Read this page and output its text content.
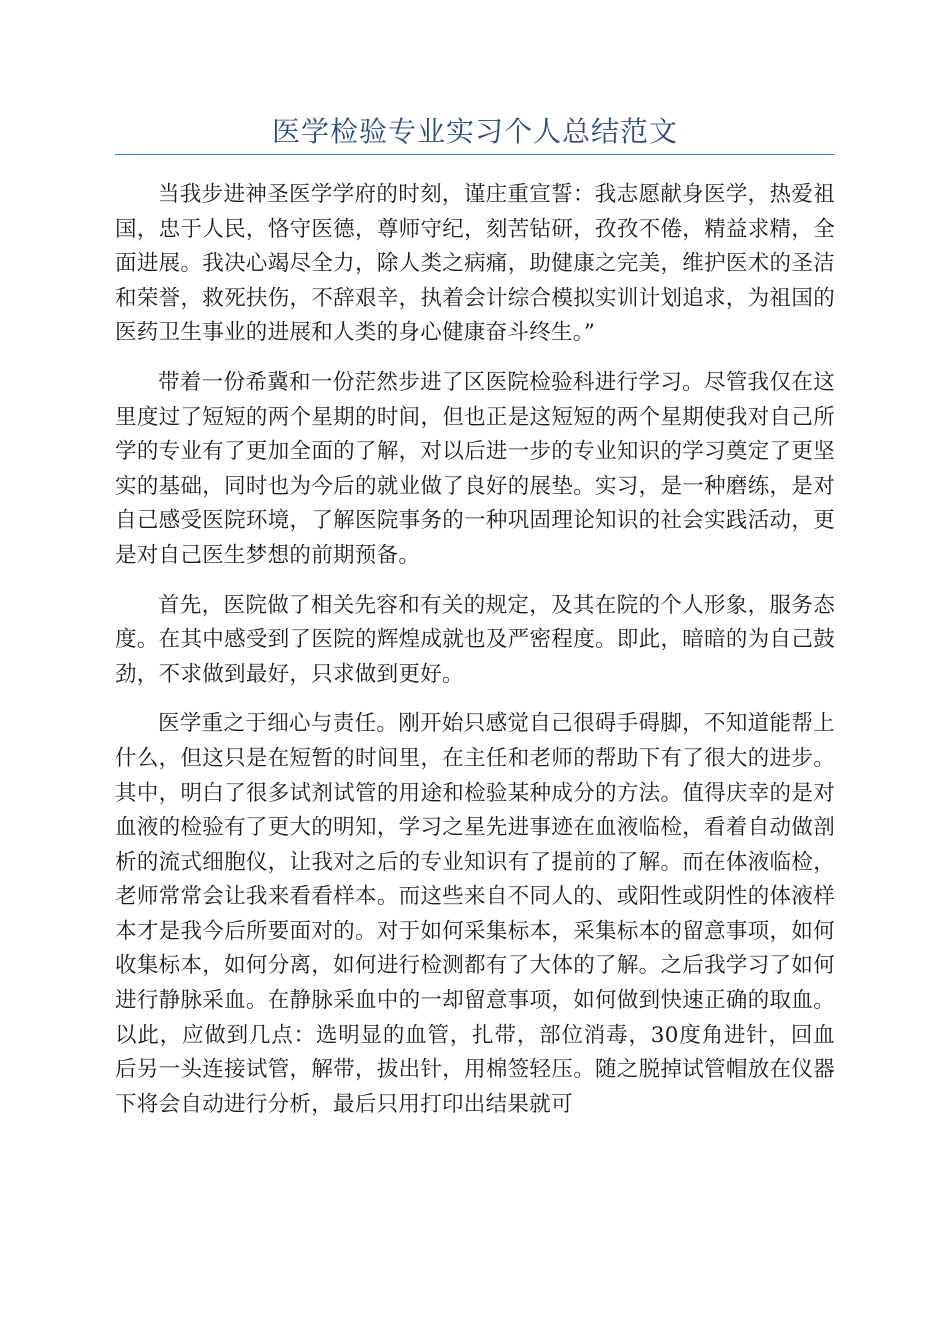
医学检验专业实习个人总结范文

当我步进神圣医学学府的时刻，谨庄重宣誓：我志愿献身医学，热爱祖国，忠于人民，恪守医德，尊师守纪，刻苦钻研，孜孜不倦，精益求精，全面进展。我决心竭尽全力，除人类之病痛，助健康之完美，维护医术的圣洁和荣誉，救死扶伤，不辞艰辛，执着会计综合模拟实训计划追求，为祖国的医药卫生事业的进展和人类的身心健康奋斗终生。”

带着一份希冀和一份茫然步进了区医院检验科进行学习。尽管我仅在这里度过了短短的两个星期的时间，但也正是这短短的两个星期使我对自己所学的专业有了更加全面的了解，对以后进一步的专业知识的学习奠定了更坚实的基础，同时也为今后的就业做了良好的展垫。实习，是一种磨练，是对自己感受医院环境，了解医院事务的一种巩固理论知识的社会实践活动，更是对自己医生梦想的前期预备。

首先，医院做了相关先容和有关的规定，及其在院的个人形象，服务态度。在其中感受到了医院的辉煌成就也及严密程度。即此，暗暗的为自己鼓劲，不求做到最好，只求做到更好。

医学重之于细心与责任。刚开始只感觉自己很碍手碍脚，不知道能帮上什么，但这只是在短暂的时间里，在主任和老师的帮助下有了很大的进步。其中，明白了很多试剂试管的用途和检验某种成分的方法。值得庆幸的是对血液的检验有了更大的明知，学习之星先进事迹在血液临检，看着自动做剖析的流式细胞仪，让我对之后的专业知识有了提前的了解。而在体液临检，老师常常会让我来看看样本。而这些来自不同人的、或阳性或阴性的体液样本才是我今后所要面对的。对于如何采集标本，采集标本的留意事项，如何收集标本，如何分离，如何进行检测都有了大体的了解。之后我学习了如何进行静脉采血。在静脉采血中的一却留意事项，如何做到快速正确的取血。以此，应做到几点：选明显的血管，扎带，部位消毒，30度角进针，回血后另一头连接试管，解带，拔出针，用棉签轻压。随之脱掉试管帽放在仪器下将会自动进行分析，最后只用打印出结果就可
